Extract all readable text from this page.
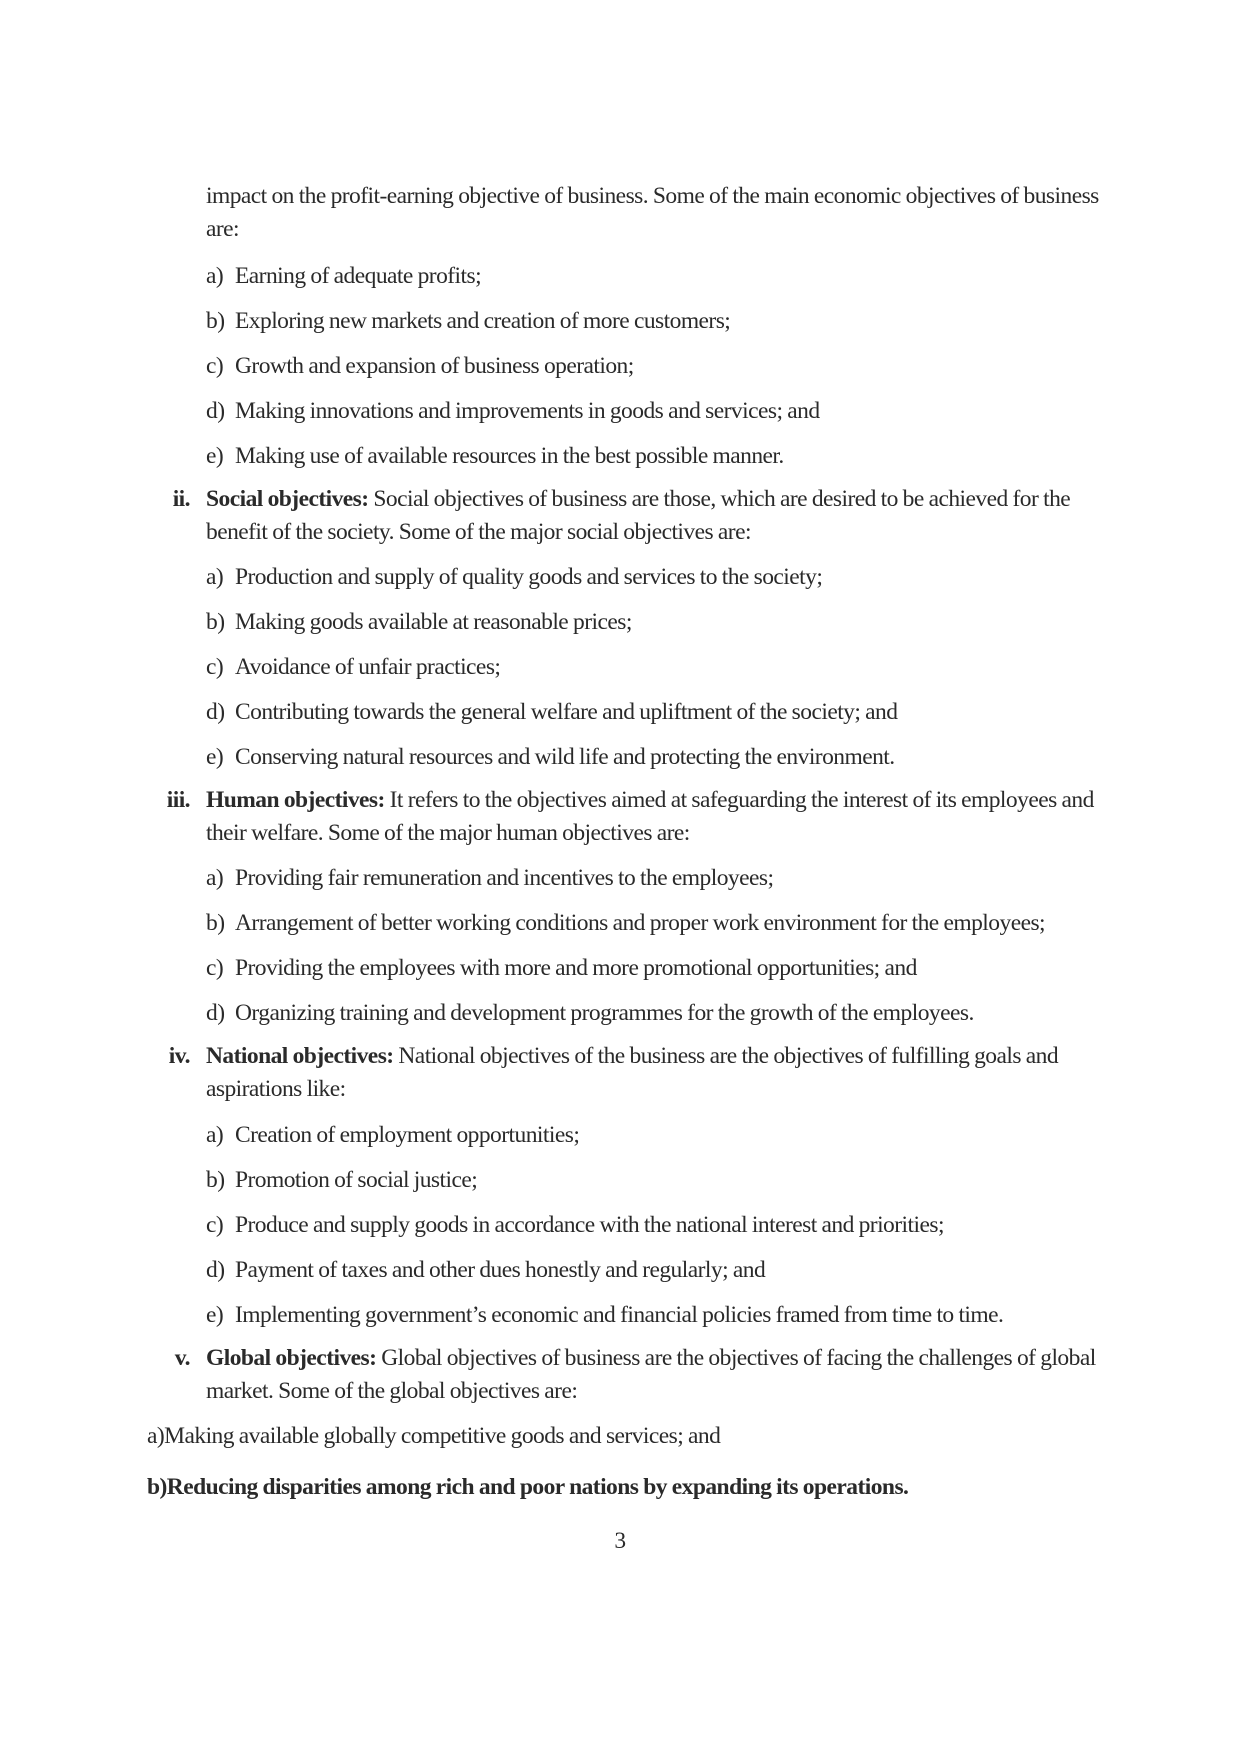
impact on the profit-earning objective of business. Some of the main economic objectives of business are:
a) Earning of adequate profits;
b) Exploring new markets and creation of more customers;
c) Growth and expansion of business operation;
d) Making innovations and improvements in goods and services; and
e) Making use of available resources in the best possible manner.
ii. Social objectives: Social objectives of business are those, which are desired to be achieved for the benefit of the society. Some of the major social objectives are:
a) Production and supply of quality goods and services to the society;
b) Making goods available at reasonable prices;
c) Avoidance of unfair practices;
d) Contributing towards the general welfare and upliftment of the society; and
e) Conserving natural resources and wild life and protecting the environment.
iii. Human objectives: It refers to the objectives aimed at safeguarding the interest of its employees and their welfare. Some of the major human objectives are:
a) Providing fair remuneration and incentives to the employees;
b) Arrangement of better working conditions and proper work environment for the employees;
c) Providing the employees with more and more promotional opportunities; and
d) Organizing training and development programmes for the growth of the employees.
iv. National objectives: National objectives of the business are the objectives of fulfilling goals and aspirations like:
a) Creation of employment opportunities;
b) Promotion of social justice;
c) Produce and supply goods in accordance with the national interest and priorities;
d) Payment of taxes and other dues honestly and regularly; and
e) Implementing government’s economic and financial policies framed from time to time.
v. Global objectives: Global objectives of business are the objectives of facing the challenges of global market. Some of the global objectives are:
a)Making available globally competitive goods and services; and
b)Reducing disparities among rich and poor nations by expanding its operations.
3
